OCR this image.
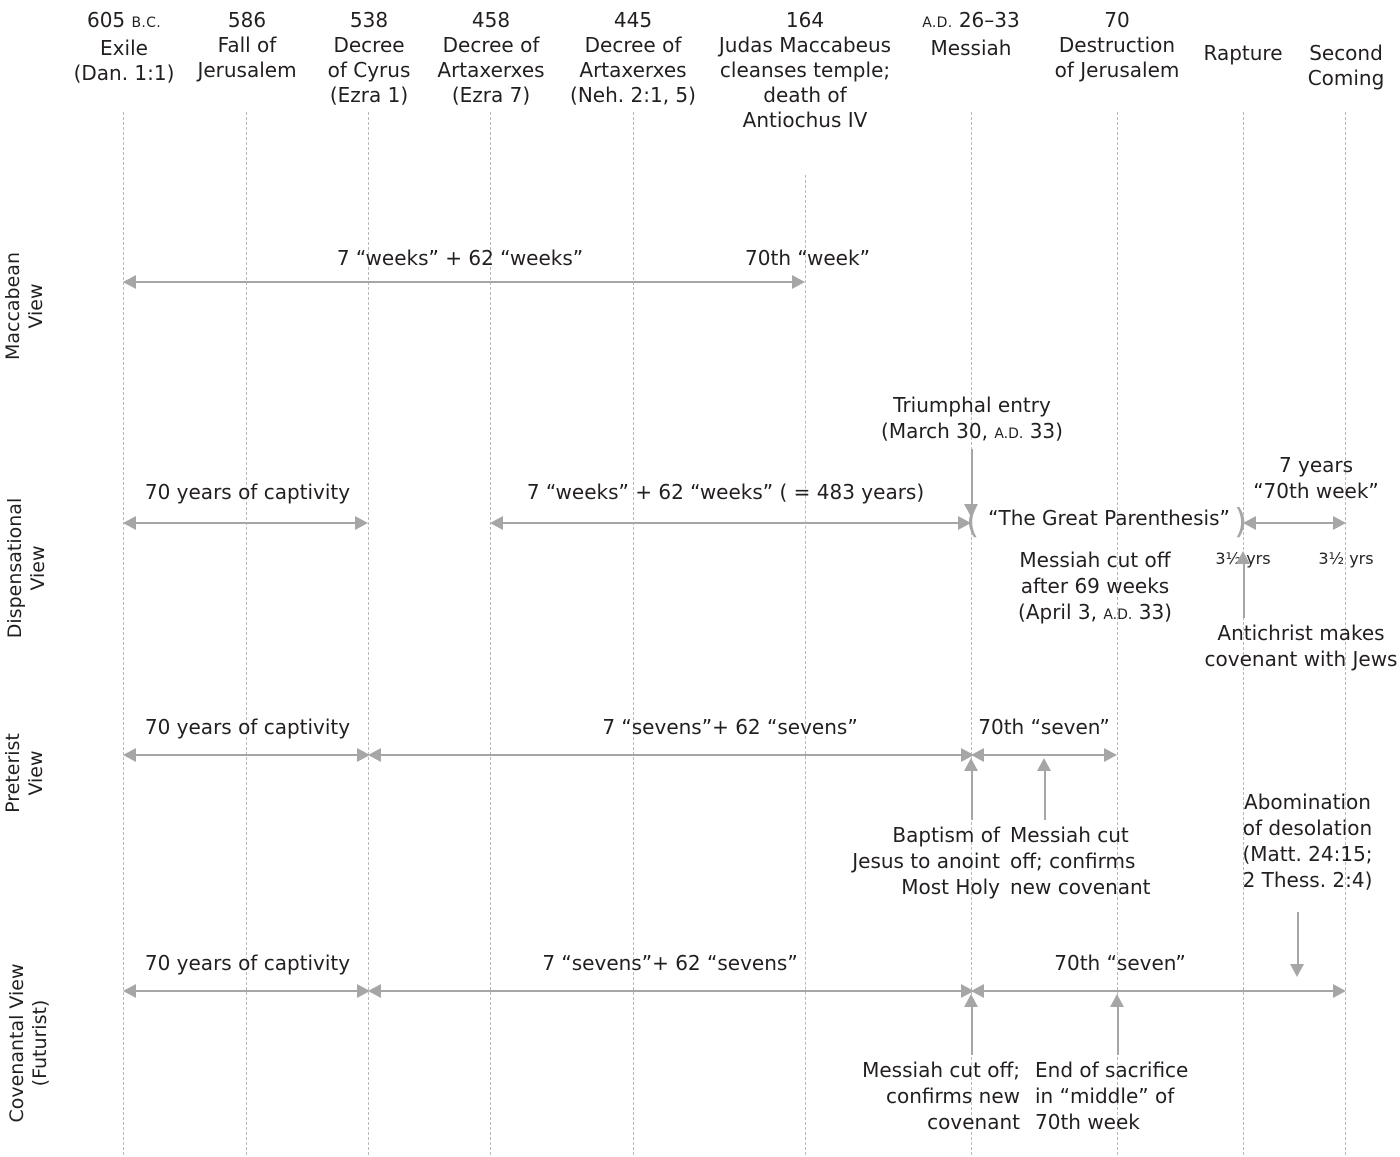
605 B.C.
Exile
(Dan. 1:1)
586
Fall of
Jerusalem
538
Decree
of Cyrus
(Ezra 1)
458
Decree of
Artaxerxes
(Ezra 7)
445
Decree of
Artaxerxes
(Neh. 2:1, 5)
164
Judas Maccabeus
cleanses temple;
death of
Antiochus IV
A.D. 26–33
Messiah
70
Destruction
of Jerusalem
Rapture	Second
Coming
Maccabean View
Dispensational View
Preterist View
Covenantal View (Futurist)
7 “weeks” + 62 “weeks”	70th “week”
Triumphal entry
(March 30, A.D. 33)
70 years of captivity	7 “weeks” + 62 “weeks” ( = 483 years)
(	)
“The Great Parenthesis”
7 years
“70th week”
3½ yrs	3½ yrs
Messiah cut off
after 69 weeks
(April 3, A.D. 33)
Antichrist makes
covenant with Jews
70 years of captivity	7 “sevens”+ 62 “sevens”	70th “seven”
Baptism of
Jesus to anoint
Most Holy
Messiah cut
off; confirms
new covenant
Abomination
of desolation
(Matt. 24:15;
2 Thess. 2:4)
70 years of captivity	7 “sevens”+ 62 “sevens”	70th “seven”
Messiah cut off;
confirms new
covenant
End of sacrifice
in “middle” of
70th week
